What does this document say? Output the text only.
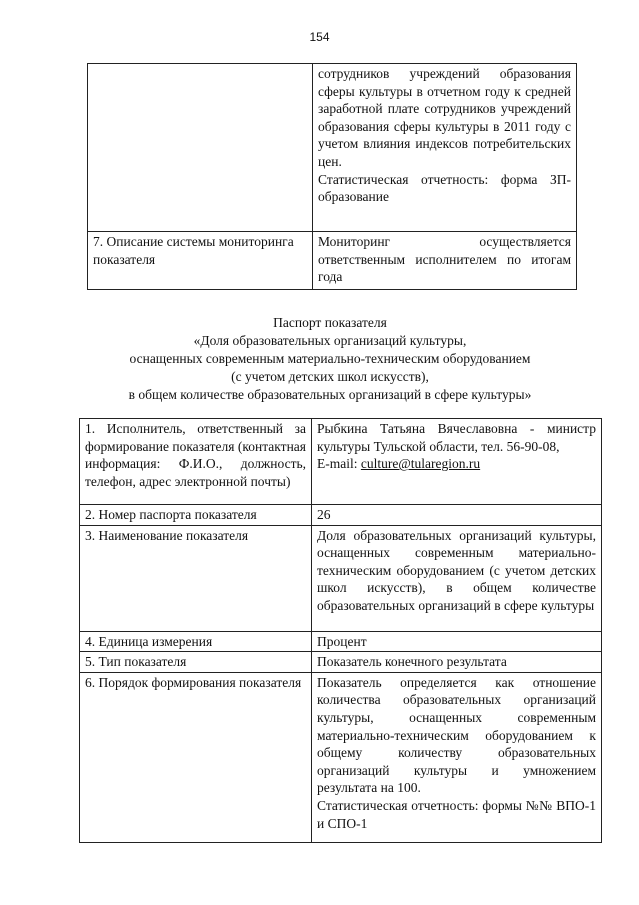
154

	сотрудников учреждений образования сферы культуры в отчетном году к средней заработной плате сотрудников учреждений образования сферы культуры в 2011 году с учетом влияния индексов потребительских цен.

Статистическая отчетность: форма ЗП-образование

7. Описание системы мониторинга показателя	Мониторинг осуществляется ответственным исполнителем по итогам года
Паспорт показателя
«Доля образовательных организаций культуры,
оснащенных современным материально-техническим оборудованием
(с учетом детских школ искусств),
в общем количестве образовательных организаций в сфере культуры»
1. Исполнитель, ответственный за формирование показателя (контактная информация: Ф.И.О., должность, телефон, адрес электронной почты)	Рыбкина Татьяна Вячеславовна - министр культуры Тульской области, тел. 56-90-08,
E-mail: culture@tularegion.ru
2. Номер паспорта показателя	26
3. Наименование показателя	Доля образовательных организаций культуры, оснащенных современным материально-техническим оборудованием (с учетом детских школ искусств), в общем количестве образовательных организаций в сфере культуры
4. Единица измерения	Процент
5. Тип показателя	Показатель конечного результата
6. Порядок формирования показателя	Показатель определяется как отношение количества образовательных организаций культуры, оснащенных современным материально-техническим оборудованием к общему количеству образовательных организаций культуры и умножением результата на 100.

Статистическая отчетность: формы №№ ВПО-1 и СПО-1
